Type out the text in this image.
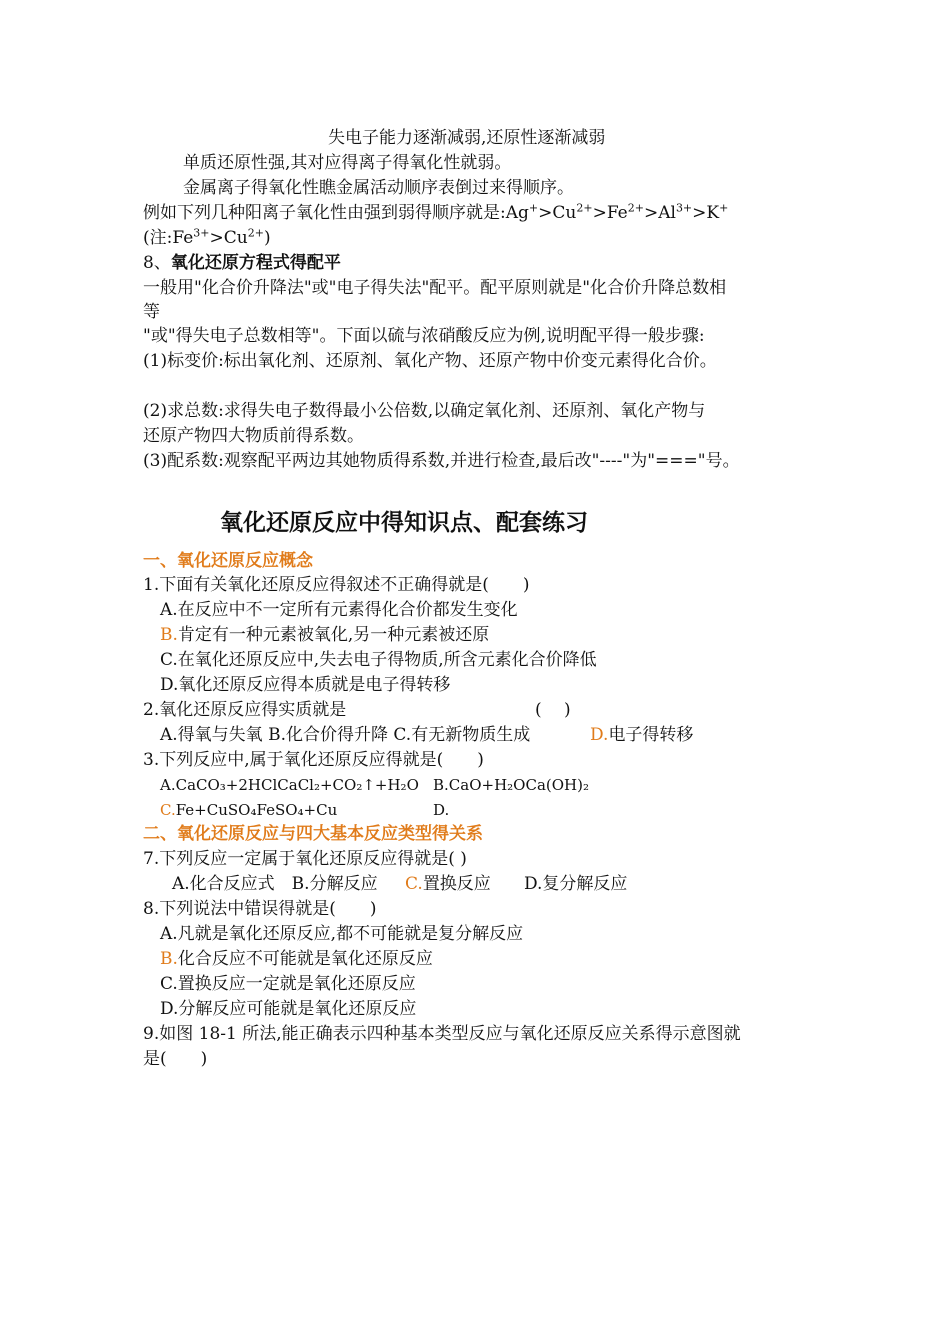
失电子能力逐渐减弱,还原性逐渐减弱
单质还原性强,其对应得离子得氧化性就弱。
金属离子得氧化性瞧金属活动顺序表倒过来得顺序。
例如下列几种阳离子氧化性由强到弱得顺序就是$:Ag^+>Cu^{2+}>Fe^{2+}>Al^{3+}>K^+$
(注$:Fe^{3+}>Cu^{2+}$)
8、氧化还原方程式得配平
一般用"化合价升降法"或"电子得失法"配平。配平原则就是"化合价升降总数相
等
"或"得失电子总数相等"。下面以硫与浓硝酸反应为例,说明配平得一般步骤:
(1)标变价:标出氧化剂、还原剂、氧化产物、还原产物中价变元素得化合价。
(2)求总数:求得失电子数得最小公倍数,以确定氧化剂、还原剂、氧化产物与
还原产物四大物质前得系数。
(3)配系数:观察配平两边其她物质得系数,并进行检查,最后改"----"为"==="号。
氧化还原反应中得知识点、配套练习
一、氧化还原反应概念
1.下面有关氧化还原反应得叙述不正确得就是(　　)
A.在反应中不一定所有元素得化合价都发生变化
B.肯定有一种元素被氧化,另一种元素被还原
C.在氧化还原反应中,失去电子得物质,所含元素化合价降低
D.氧化还原反应得本质就是电子得转移
2.氧化还原反应得实质就是	(　 )
A.得氧与失氧 B.化合价得升降 C.有无新物质生成	D.电子得转移
3.下列反应中,属于氧化还原反应得就是(　　)
A.CaCO₃+2HClCaCl₂+CO₂↑+H₂O B.CaO+H₂OCa(OH)₂
C.Fe+CuSO₄FeSO₄+Cu	D.
二、氧化还原反应与四大基本反应类型得关系
7.下列反应一定属于氧化还原反应得就是( )
A.化合反应式　B.分解反应 C.置换反应 D.复分解反应
8.下列说法中错误得就是(　　)
A.凡就是氧化还原反应,都不可能就是复分解反应
B.化合反应不可能就是氧化还原反应
C.置换反应一定就是氧化还原反应
D.分解反应可能就是氧化还原反应
9.如图 18-1 所法,能正确表示四种基本类型反应与氧化还原反应关系得示意图就
是(　　)
